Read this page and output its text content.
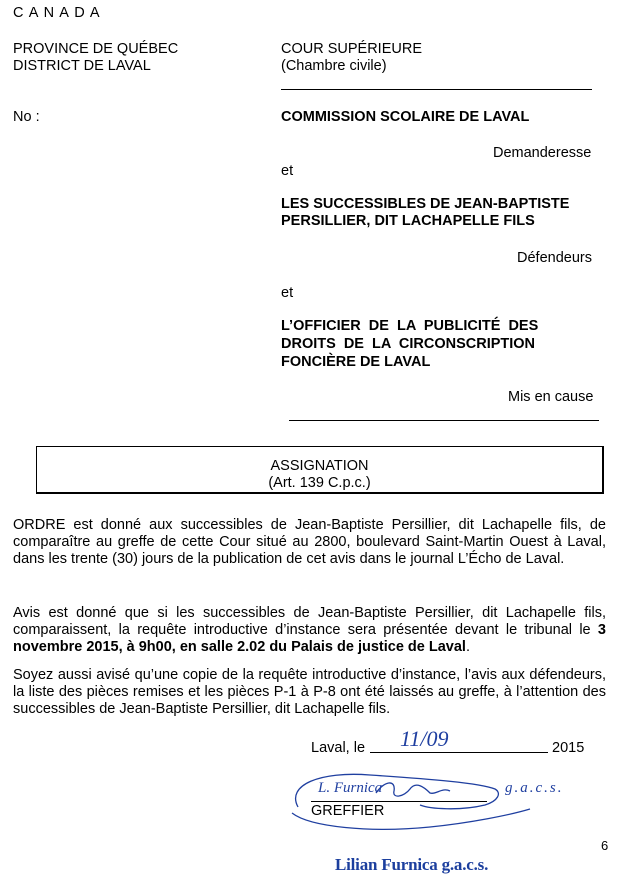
C A N A D A
PROVINCE DE QUÉBEC
DISTRICT DE LAVAL
COUR SUPÉRIEURE
(Chambre civile)
No :	COMMISSION SCOLAIRE DE LAVAL
Demanderesse
et
LES SUCCESSIBLES DE JEAN-BAPTISTE
PERSILLIER, DIT LACHAPELLE FILS
Défendeurs
et
L’OFFICIER  DE  LA  PUBLICITÉ  DES
DROITS  DE  LA  CIRCONSCRIPTION
FONCIÈRE DE LAVAL
Mis en cause
ASSIGNATION
(Art. 139 C.p.c.)
ORDRE est donné aux successibles de Jean-Baptiste Persillier, dit Lachapelle fils, de comparaître au greffe de cette Cour situé au 2800, boulevard Saint-Martin Ouest à Laval, dans les trente (30) jours de la publication de cet avis dans le journal L’Écho de Laval.
Avis est donné que si les successibles de Jean-Baptiste Persillier, dit Lachapelle fils, comparaissent, la requête introductive d’instance sera présentée devant le tribunal le 3 novembre 2015, à 9h00, en salle 2.02 du Palais de justice de Laval.
Soyez aussi avisé qu’une copie de la requête introductive d’instance, l’avis aux défendeurs, la liste des pièces remises et les pièces P-1 à P-8 ont été laissés au greffe, à l’attention des successibles de Jean-Baptiste Persillier, dit Lachapelle fils.
Laval, le 11/09	2015
L. Furnica	g.a.c.s.
GREFFIER
6
Lilian Furnica g.a.c.s.
